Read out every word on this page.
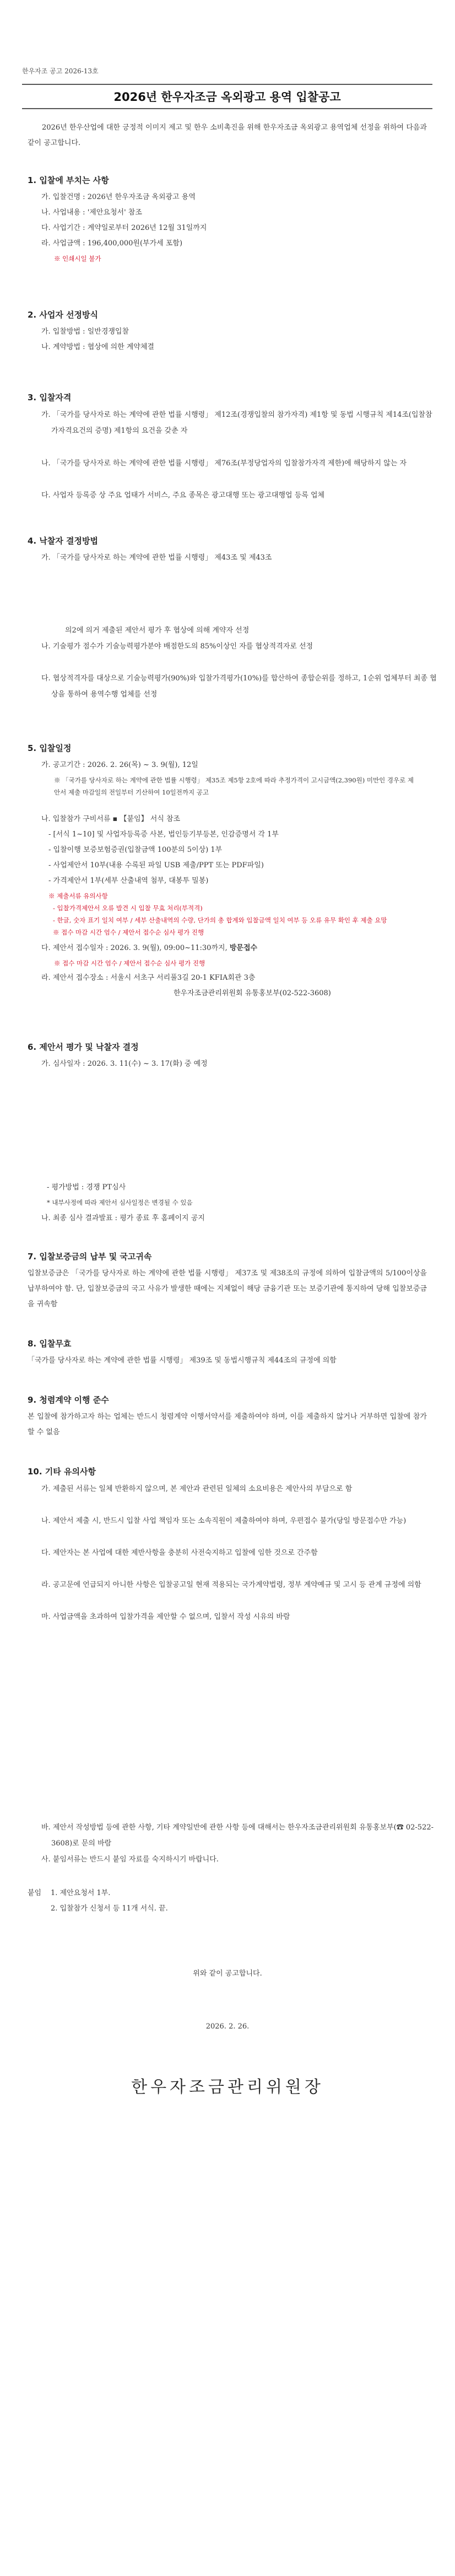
한우자조 공고 2026-13호
2026년 한우자조금 옥외광고 용역 입찰공고
2026년 한우산업에 대한 긍정적 이미지 제고 및 한우 소비촉진을 위해 한우자조금 옥외광고 용역업체 선정을 위하여 다음과 같이 공고합니다.
1. 입찰에 부치는 사항
가. 입찰건명 : 2026년 한우자조금 옥외광고 용역
나. 사업내용 : '제안요청서' 참조
다. 사업기간 : 계약일로부터 2026년 12월 31일까지
라. 사업금액 : 196,400,000원(부가세 포함)
※ 인쇄시일 불가
2. 사업자 선정방식
가. 입찰방법 : 일반경쟁입찰
나. 계약방법 : 협상에 의한 계약체결
3. 입찰자격
가. 「국가를 당사자로 하는 계약에 관한 법률 시행령」 제12조(경쟁입찰의 참가자격) 제1항 및 동법 시행규칙 제14조(입찰참가자격요건의 증명) 제1항의 요건을 갖춘 자
나. 「국가를 당사자로 하는 계약에 관한 법률 시행령」 제76조(부정당업자의 입찰참가자격 제한)에 해당하지 않는 자
다. 사업자 등록증 상 주요 업태가 서비스, 주요 종목은 광고대행 또는 광고대행업 등록 업체
4. 낙찰자 결정방법
가. 「국가를 당사자로 하는 계약에 관한 법률 시행령」 제43조 및 제43조
의2에 의거 제출된 제안서 평가 후 협상에 의해 계약자 선정
나. 기술평가 점수가 기술능력평가분야 배점한도의 85%이상인 자를 협상적격자로 선정
다. 협상적격자를 대상으로 기술능력평가(90%)와 입찰가격평가(10%)를 합산하여 종합순위를 정하고, 1순위 업체부터 최종 협상을 통하여 용역수행 업체를 선정
5. 입찰일정
가. 공고기간 : 2026. 2. 26(목) ~ 3. 9(월), 12일
※ 「국가를 당사자로 하는 계약에 관한 법률 시행령」 제35조 제5항 2호에 따라 추정가격이 고시금액(2,390원) 미만인 경우로 제안서 제출 마감일의 전일부터 기산하여 10일전까지 공고
나. 입찰참가 구비서류 ▪ 【붙임】 서식 참조
- [서식 1~10] 및 사업자등록증 사본, 법인등기부등본, 인감증명서 각 1부
- 입찰이행 보증보험증권(입찰금액 100분의 5이상) 1부
- 사업제안서 10부(내용 수록된 파일 USB 제출/PPT 또는 PDF파일)
- 가격제안서 1부(세부 산출내역 첨부, 대봉투 밀봉)
※ 제출서류 유의사항
- 입찰가격제안서 오류 발견 시 입찰 무효 처리(부적격)
- 한글, 숫자 표기 일치 여부 / 세부 산출내역의 수량, 단가의 총 합계와 입찰금액 일치 여부 등 오류 유무 확인 후 제출 요망
※ 접수 마감 시간 엄수 / 제안서 접수순 심사 평가 진행
다. 제안서 접수일자 : 2026. 3. 9(월), 09:00~11:30까지, 방문접수
※ 접수 마감 시간 엄수 / 제안서 접수순 심사 평가 진행
라. 제안서 접수장소 : 서울시 서초구 서리풀3길 20-1 KFIA회관 3층
한우자조금관리위원회 유통홍보부(02-522-3608)
6. 제안서 평가 및 낙찰자 결정
가. 심사일자 : 2026. 3. 11(수) ~ 3. 17(화) 중 예정
- 평가방법 : 경쟁 PT심사
* 내부사정에 따라 제안서 심사일정은 변경될 수 있음
나. 최종 심사 결과발표 : 평가 종료 후 홈페이지 공지
7. 입찰보증금의 납부 및 국고귀속
입찰보증금은 「국가를 당사자로 하는 계약에 관한 법률 시행령」 제37조 및 제38조의 규정에 의하여 입찰금액의 5/100이상을 납부하여야 함. 단, 입찰보증금의 국고 사유가 발생한 때에는 지체없이 해당 금융기관 또는 보증기관에 통지하여 당해 입찰보증금을 귀속함
8. 입찰무효
「국가를 당사자로 하는 계약에 관한 법률 시행령」 제39조 및 동법시행규칙 제44조의 규정에 의함
9. 청렴계약 이행 준수
본 입찰에 참가하고자 하는 업체는 반드시 청렴계약 이행서약서를 제출하여야 하며, 이를 제출하지 않거나 거부하면 입찰에 참가할 수 없음
10. 기타 유의사항
가. 제출된 서류는 일체 반환하지 않으며, 본 제안과 관련된 일체의 소요비용은 제안사의 부담으로 함
나. 제안서 제출 시, 반드시 입찰 사업 책임자 또는 소속직원이 제출하여야 하며, 우편접수 불가(당일 방문접수만 가능)
다. 제안자는 본 사업에 대한 제반사항을 충분히 사전숙지하고 입찰에 임한 것으로 간주함
라. 공고문에 언급되지 아니한 사항은 입찰공고일 현재 적용되는 국가계약법령, 정부 계약예규 및 고시 등 관계 규정에 의함
마. 사업금액을 초과하여 입찰가격을 제안할 수 없으며, 입찰서 작성 시유의 바람
바. 제안서 작성방법 등에 관한 사항, 기타 계약일반에 관한 사항 등에 대해서는 한우자조금관리위원회 유통홍보부(☎ 02-522-3608)로 문의 바람
사. 붙임서류는 반드시 붙임 자료를 숙지하시기 바랍니다.
붙임	1. 제안요청서 1부.
2. 입찰참가 신청서 등 11개 서식. 끝.
위와 같이 공고합니다.
2026. 2. 26.
한우자조금관리위원장
